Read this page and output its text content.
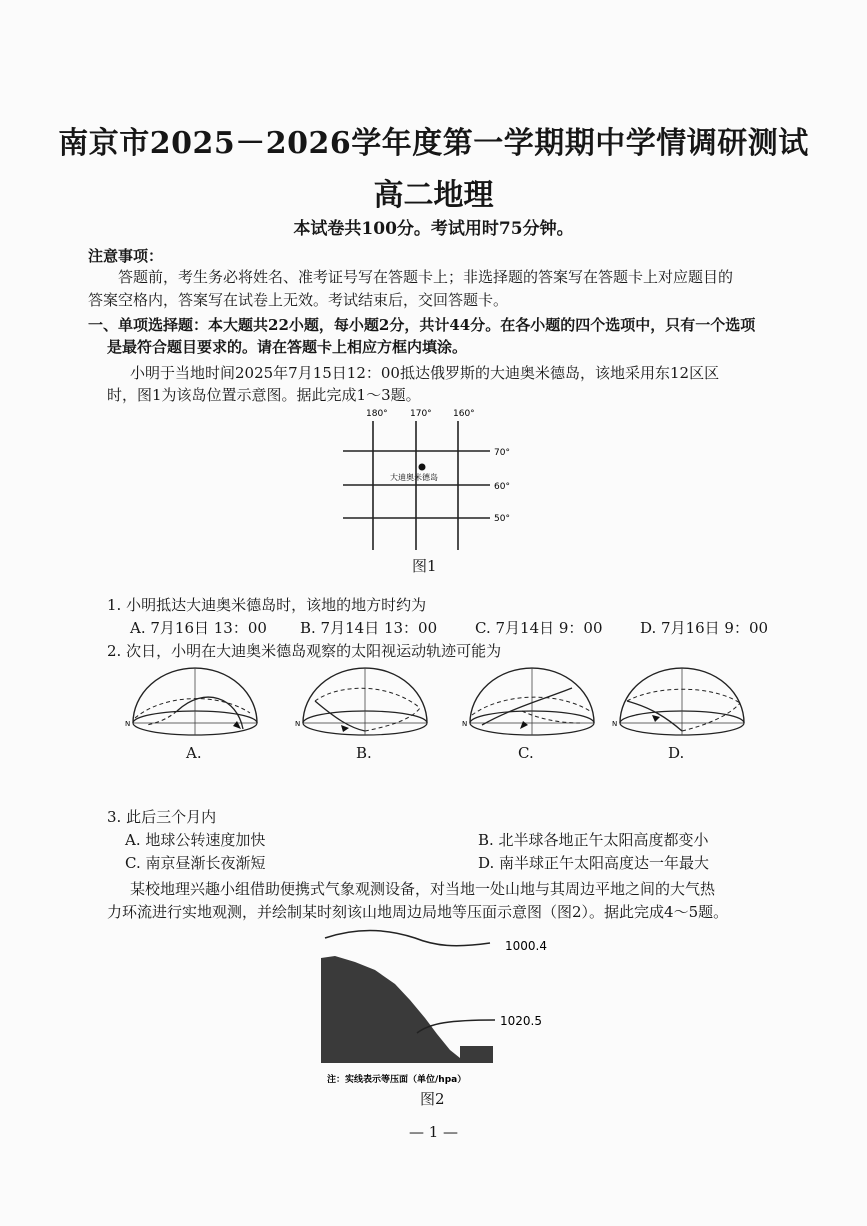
南京市2025－2026学年度第一学期期中学情调研测试
高二地理
本试卷共100分。考试用时75分钟。
注意事项：
答题前，考生务必将姓名、准考证号写在答题卡上；非选择题的答案写在答题卡上对应题目的
答案空格内，答案写在试卷上无效。考试结束后，交回答题卡。
一、单项选择题：本大题共22小题，每小题2分，共计44分。在各小题的四个选项中，只有一个选项
是最符合题目要求的。请在答题卡上相应方框内填涂。
小明于当地时间2025年7月15日12：00抵达俄罗斯的大迪奥米德岛，该地采用东12区区
时，图1为该岛位置示意图。据此完成1～3题。
180° 170° 160°
70°
60°
50°
大迪奥米德岛
图1
1. 小明抵达大迪奥米德岛时，该地的地方时约为
A. 7月16日 13：00 B. 7月14日 13：00	C. 7月14日 9：00 D. 7月16日 9：00
2. 次日，小明在大迪奥米德岛观察的太阳视运动轨迹可能为
N
A.
N
B.
N
C.
N
D.
3. 此后三个月内
A. 地球公转速度加快	B. 北半球各地正午太阳高度都变小
C. 南京昼渐长夜渐短	D. 南半球正午太阳高度达一年最大
某校地理兴趣小组借助便携式气象观测设备，对当地一处山地与其周边平地之间的大气热
力环流进行实地观测，并绘制某时刻该山地周边局地等压面示意图（图2）。据此完成4～5题。
1000.4
1020.5
注：实线表示等压面（单位/hpa）
图2
— 1 —
